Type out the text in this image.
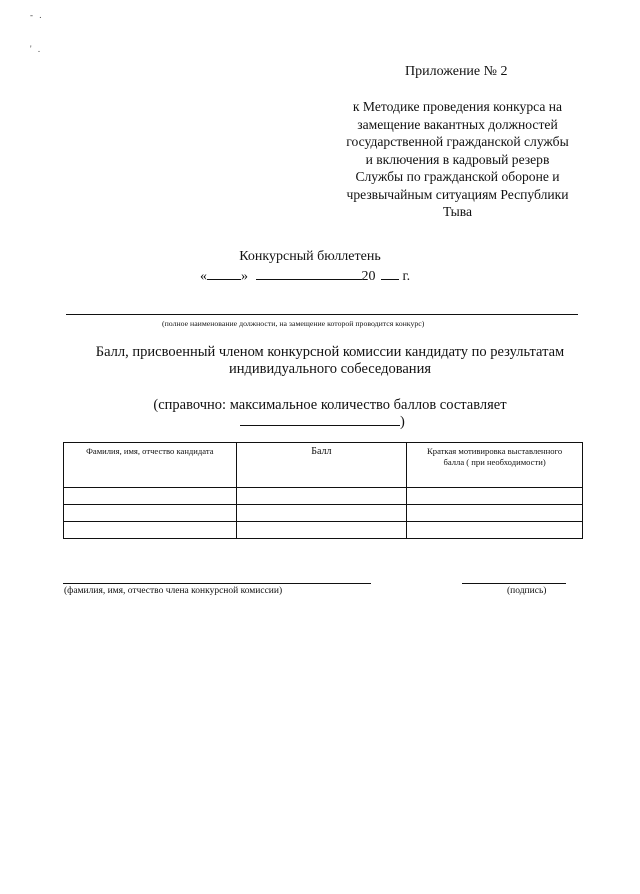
- .
' .
Приложение № 2
к Методике проведения конкурса на
замещение вакантных должностей
государственной гражданской службы
и включения в кадровый резерв
Службы по гражданской обороне и
чрезвычайным ситуациям Республики
Тыва
Конкурсный бюллетень
« »	20 г.
(полное наименование должности, на замещение которой проводится конкурс)
Балл, присвоенный членом конкурсной комиссии кандидату по результатам
индивидуального собеседования
(справочно: максимальное количество баллов составляет
)
Фамилия, имя, отчество кандидата	Балл	Краткая мотивировка выставленного балла ( при необходимости)

(фамилия, имя, отчество члена конкурсной комиссии)	(подпись)
